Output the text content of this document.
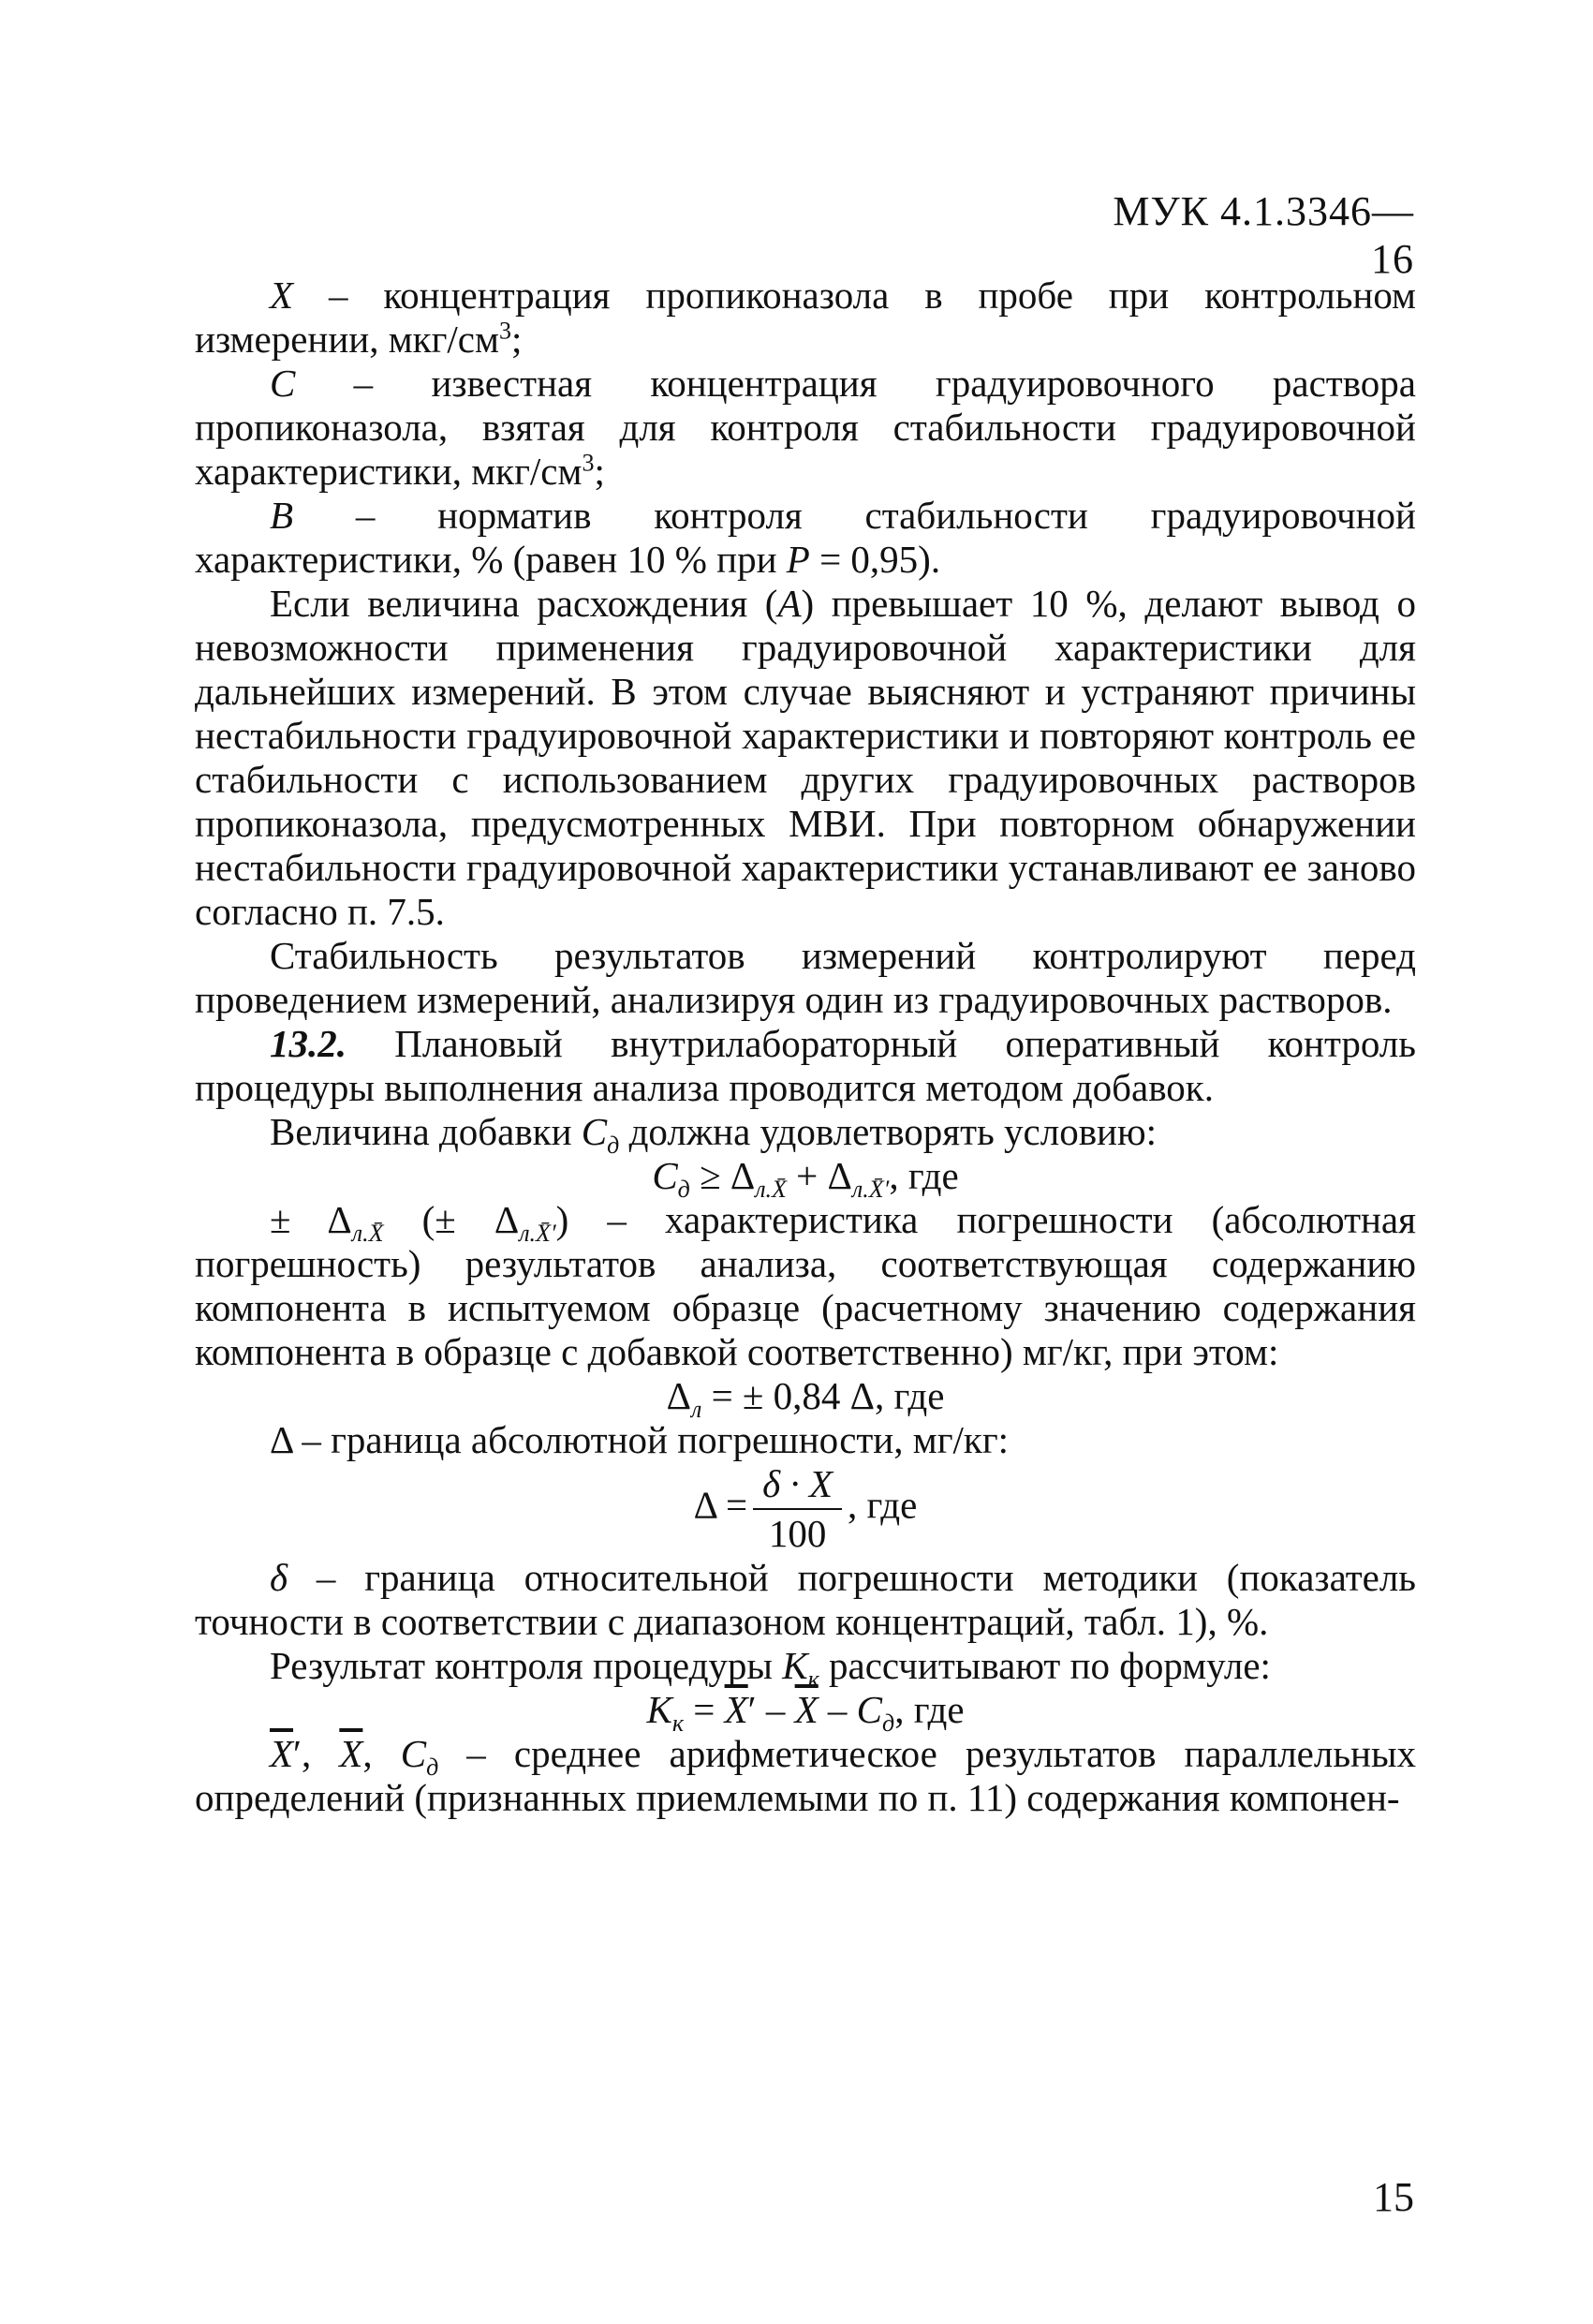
МУК 4.1.3346—16

X – концентрация пропиконазола в пробе при контрольном измерении, мкг/$см^3$;

C – известная концентрация градуировочного раствора пропиконазола, взятая для контроля стабильности градуировочной характеристики, мкг/$см^3$;

B – норматив контроля стабильности градуировочной характеристики, % (равен 10 % при P = 0,95).

Если величина расхождения (A) превышает 10 %, делают вывод о невозможности применения градуировочной характеристики для дальнейших измерений. В этом случае выясняют и устраняют причины нестабильности градуировочной характеристики и повторяют контроль ее стабильности с использованием других градуировочных растворов пропиконазола, предусмотренных МВИ. При повторном обнаружении нестабильности градуировочной характеристики устанавливают ее заново согласно п. 7.5.

Стабильность результатов измерений контролируют перед проведением измерений, анализируя один из градуировочных растворов.

13.2. Плановый внутрилабораторный оперативный контроль процедуры выполнения анализа проводится методом добавок.

Величина добавки $C_д$ должна удовлетворять условию:

$C_д \ge \Delta_{л.X̄} + \Delta_{л.X̄'}$, где

± $\Delta_{л.X̄}$ (± $\Delta_{л.X̄'}$) – характеристика погрешности (абсолютная погрешность) результатов анализа, соответствующая содержанию компонента в испытуемом образце (расчетному значению содержания компонента в образце с добавкой соответственно) мг/кг, при этом:

$\Delta_л$ = ± 0,84 Δ, где

Δ – граница абсолютной погрешности, мг/кг:

$\Delta = \frac{\delta \cdot X}{100}$ , где

δ – граница относительной погрешности методики (показатель точности в соответствии с диапазоном концентраций, табл. 1), %.

Результат контроля процедуры $K_к$ рассчитывают по формуле:

$K_к = \overline{X}' - \overline{X} - C_д$, где

$\overline{X}'$, $\overline{X}$, $C_д$ – среднее арифметическое результатов параллельных определений (признанных приемлемыми по п. 11) содержания компонен-

15
